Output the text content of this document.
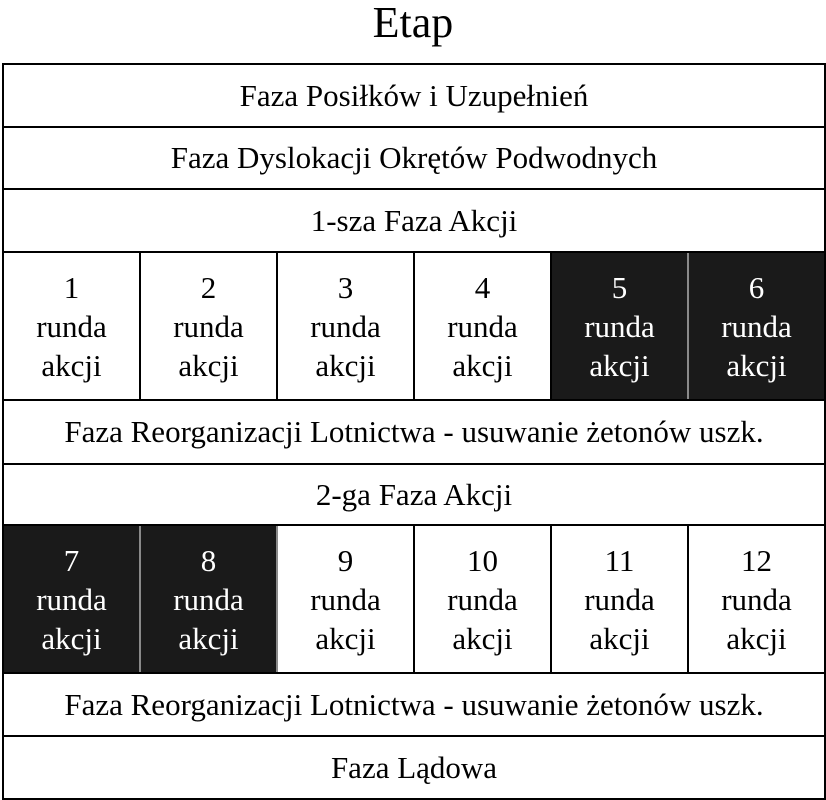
Etap
Faza Posiłków i Uzupełnień
Faza Dyslokacji Okrętów Podwodnych
1-sza Faza Akcji
1
runda
akcji
2
runda
akcji
3
runda
akcji
4
runda
akcji
5
runda
akcji
6
runda
akcji
Faza Reorganizacji Lotnictwa - usuwanie żetonów uszk.
2-ga Faza Akcji
7
runda
akcji
8
runda
akcji
9
runda
akcji
10
runda
akcji
11
runda
akcji
12
runda
akcji
Faza Reorganizacji Lotnictwa - usuwanie żetonów uszk.
Faza Lądowa
